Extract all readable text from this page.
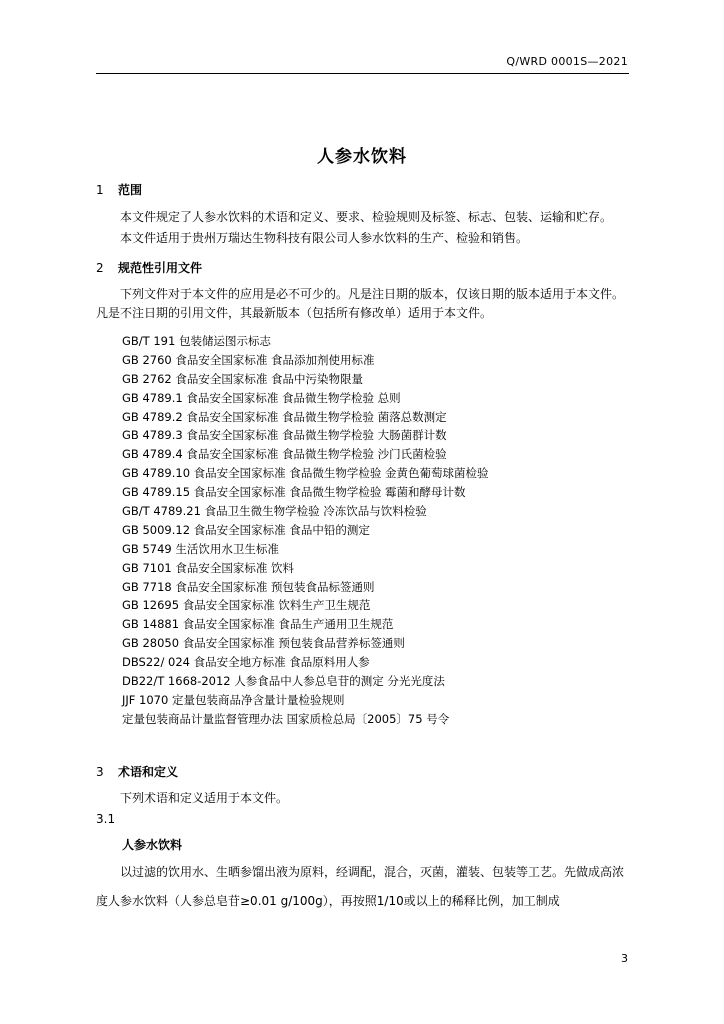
Q/WRD 0001S—2021
人参水饮料
1 范围
本文件规定了人参水饮料的术语和定义、要求、检验规则及标签、标志、包装、运输和贮存。
本文件适用于贵州万瑞达生物科技有限公司人参水饮料的生产、检验和销售。
2 规范性引用文件
下列文件对于本文件的应用是必不可少的。凡是注日期的版本，仅该日期的版本适用于本文件。凡是不注日期的引用文件，其最新版本（包括所有修改单）适用于本文件。
GB/T 191 包装储运图示标志
GB 2760 食品安全国家标准 食品添加剂使用标准
GB 2762 食品安全国家标准 食品中污染物限量
GB 4789.1 食品安全国家标准 食品微生物学检验 总则
GB 4789.2 食品安全国家标准 食品微生物学检验 菌落总数测定
GB 4789.3 食品安全国家标准 食品微生物学检验 大肠菌群计数
GB 4789.4 食品安全国家标准 食品微生物学检验 沙门氏菌检验
GB 4789.10 食品安全国家标准 食品微生物学检验 金黄色葡萄球菌检验
GB 4789.15 食品安全国家标准 食品微生物学检验 霉菌和酵母计数
GB/T 4789.21 食品卫生微生物学检验 冷冻饮品与饮料检验
GB 5009.12 食品安全国家标准 食品中铅的测定
GB 5749 生活饮用水卫生标准
GB 7101 食品安全国家标准 饮料
GB 7718 食品安全国家标准 预包装食品标签通则
GB 12695 食品安全国家标准 饮料生产卫生规范
GB 14881 食品安全国家标准 食品生产通用卫生规范
GB 28050 食品安全国家标准 预包装食品营养标签通则
DBS22/ 024 食品安全地方标准 食品原料用人参
DB22/T 1668-2012 人参食品中人参总皂苷的测定 分光光度法
JJF 1070 定量包装商品净含量计量检验规则
定量包装商品计量监督管理办法 国家质检总局〔2005〕75 号令
3 术语和定义
下列术语和定义适用于本文件。
3.1
人参水饮料
以过滤的饮用水、生晒参馏出液为原料，经调配，混合，灭菌，灌装、包装等工艺。先做成高浓度人参水饮料（人参总皂苷≥0.01 g/100g），再按照1/10或以上的稀释比例，加工制成
3
